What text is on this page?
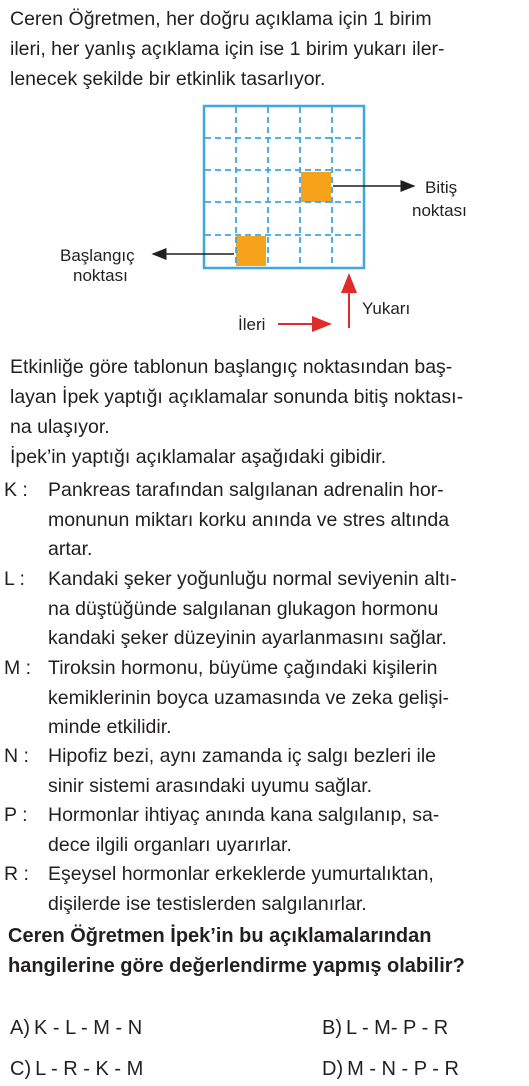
Ceren Öğretmen, her doğru açıklama için 1 birim
ileri, her yanlış açıklama için ise 1 birim yukarı iler-
lenecek şekilde bir etkinlik tasarlıyor.
Bitiş
noktası
Başlangıç
noktası
Yukarı
İleri
Etkinliğe göre tablonun başlangıç noktasından baş-
layan İpek yaptığı açıklamalar sonunda bitiş noktası-
na ulaşıyor.
İpek’in yaptığı açıklamalar aşağıdaki gibidir.
K :	Pankreas tarafından salgılanan adrenalin hor-
monunun miktarı korku anında ve stres altında
artar.
L :	Kandaki şeker yoğunluğu normal seviyenin altı-
na düştüğünde salgılanan glukagon hormonu
kandaki şeker düzeyinin ayarlanmasını sağlar.
M : Tiroksin hormonu, büyüme çağındaki kişilerin
kemiklerinin boyca uzamasında ve zeka gelişi-
minde etkilidir.
N : Hipofiz bezi, aynı zamanda iç salgı bezleri ile
sinir sistemi arasındaki uyumu sağlar.
P :	Hormonlar ihtiyaç anında kana salgılanıp, sa-
dece ilgili organları uyarırlar.
R : Eşeysel hormonlar erkeklerde yumurtalıktan,
dişilerde ise testislerden salgılanırlar.
Ceren Öğretmen İpek’in bu açıklamalarından
hangilerine göre değerlendirme yapmış olabilir?
A) K - L - M - N	B) L - M- P - R
C) L - R - K - M	D) M - N - P - R
